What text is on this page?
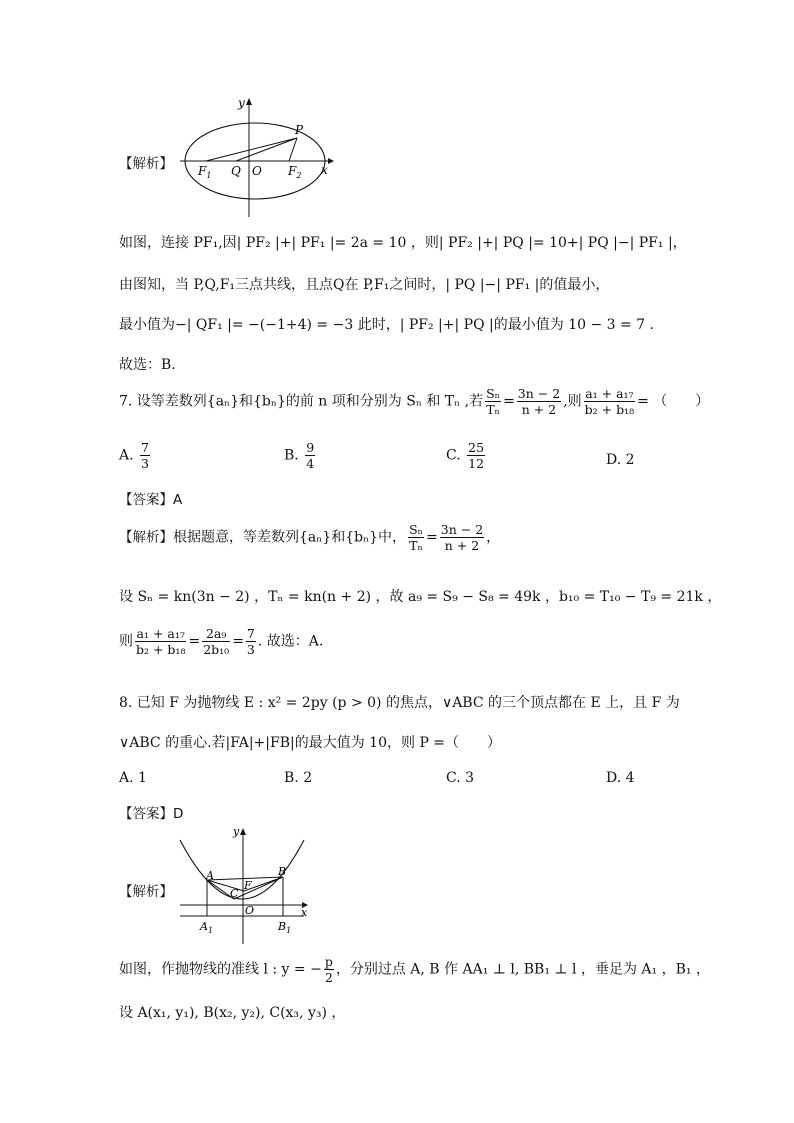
【解析】
y
x
P
$F_1$ Q O $F_2$
如图，连接 PF₁,因| PF₂ |+| PF₁ |= 2a = 10 ，则| PF₂ |+| PQ |= 10+| PQ |−| PF₁ |，
由图知，当 P,Q,F₁三点共线，且点Q在 P,F₁之间时，| PQ |−| PF₁ |的值最小，
最小值为−| QF₁ |= −(−1+4) = −3 此时，| PF₂ |+| PQ |的最小值为 10 − 3 = 7 .
故选：B.
7. 设等差数列{aₙ}和{bₙ}的前 n 项和分别为 Sₙ 和 Tₙ ,若 $\frac{\text{Sₙ}}{\text{Tₙ}} = \frac{3n - 2}{n + 2}$ ,则 $\frac{\text{a₁ + a₁₇}}{\text{b₂ + b₁₈}}$ = （　　）
A. $\frac{7}{3}$	B. $\frac{9}{4}$	C. $\frac{25}{12}$	D. 2
【答案】A
【解析】根据题意，等差数列{aₙ}和{bₙ}中， $\frac{\text{Sₙ}}{\text{Tₙ}} = \frac{3n - 2}{n + 2}$ ，
设 Sₙ = kn(3n − 2) ，Tₙ = kn(n + 2) ，故 a₉ = S₉ − S₈ = 49k ，b₁₀ = T₁₀ − T₉ = 21k ，
则 $\frac{\text{a₁ + a₁₇}}{\text{b₂ + b₁₈}} = \frac{\text{2a₉}}{\text{2b₁₀}} = \frac{7}{3}$ . 故选：A.
8. 已知 F 为抛物线 E : x² = 2py (p > 0) 的焦点，∨ABC 的三个顶点都在 E 上，且 F 为
∨ABC 的重心.若|FA|+|FB|的最大值为 10，则 P =（　　）
A. 1	B. 2	C. 3	D. 4
【答案】D
【解析】
y
x
A	B
F
C
O
$A_1$	$B_1$
如图，作抛物线的准线 l : y = − $\frac{p}{2}$ ，分别过点 A, B 作 AA₁ ⊥ l, BB₁ ⊥ l ，垂足为 A₁ ，B₁ ，
设 A(x₁, y₁), B(x₂, y₂), C(x₃, y₃) ，
